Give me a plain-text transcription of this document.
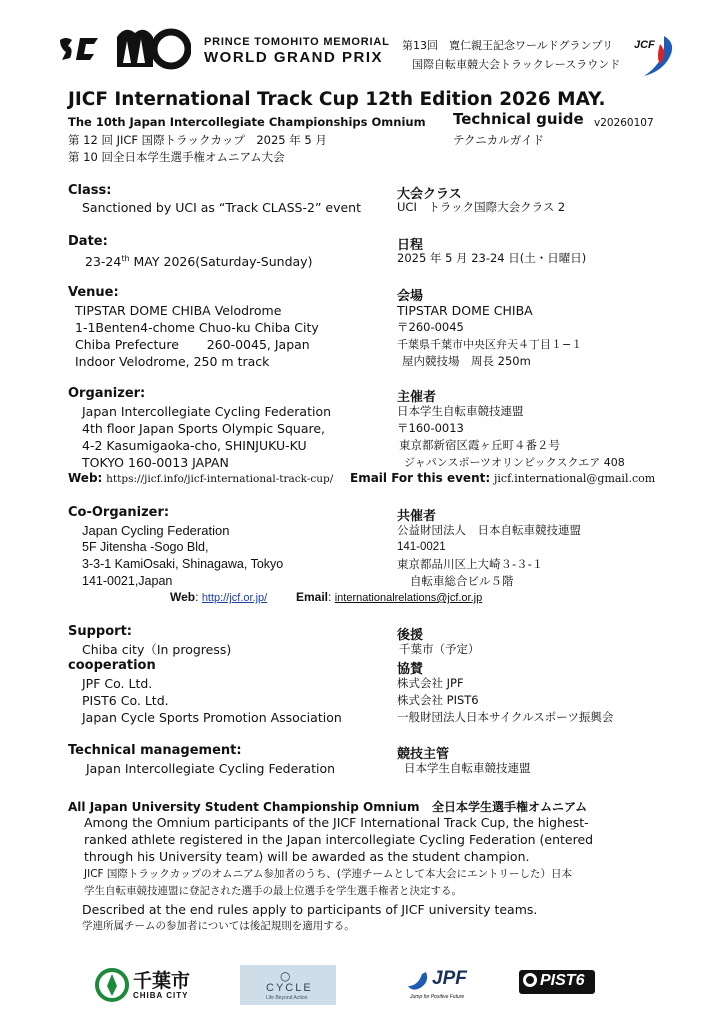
PRINCE TOMOHITO MEMORIAL
WORLD GRAND PRIX
第13回　寛仁親王記念ワールドグランプリ
国際自転車競大会トラックレースラウンド
JCF
JICF International Track Cup 12th Edition 2026 MAY.
The 10th Japan Intercollegiate Championships Omnium Technical guide v20260107
第 12 回 JICF 国際トラックカップ　2025 年 5 月	テクニカルガイド
第 10 回全日本学生選手権オムニアム大会
Class:
Sanctioned by UCI as “Track CLASS-2” event
大会クラス
UCI　トラック国際大会クラス 2
Date:
23-24th MAY 2026(Saturday-Sunday)
日程
2025 年 5 月 23-24 日(土・日曜日)
Venue:
TIPSTAR DOME CHIBA Velodrome
1-1Benten4-chome Chuo-ku Chiba City
Chiba Prefecture       260-0045, Japan
Indoor Velodrome, 250 m track
会場
TIPSTAR DOME CHIBA
〒260-0045
千葉県千葉市中央区弁天４丁目１−１
屋内競技場　周長 250m
Organizer:
Japan Intercollegiate Cycling Federation
4th floor Japan Sports Olympic Square,
4-2 Kasumigaoka-cho, SHINJUKU-KU
TOKYO 160-0013 JAPAN
主催者
日本学生自転車競技連盟
〒160-0013
東京都新宿区霞ヶ丘町４番２号
ジャパンスポーツオリンピックスクエア 408
Web: https://jicf.info/jicf-international-track-cup/ Email For this event: jicf.international@gmail.com
Co-Organizer:
Japan Cycling Federation
5F Jitensha -Sogo Bld,
3-3-1 KamiOsaki, Shinagawa, Tokyo
141-0021,Japan
共催者
公益財団法人　日本自転車競技連盟
141-0021
東京都品川区上大崎３-３-１
自転車総合ビル５階
Web: http://jcf.or.jp/ Email: internationalrelations@jcf.or.jp
Support:
Chiba city（In progress)
後援
千葉市（予定）
cooperation
JPF Co. Ltd.
PIST6 Co. Ltd.
Japan Cycle Sports Promotion Association
協賛
株式会社 JPF
株式会社 PIST6
一般財団法人日本サイクルスポーツ振興会
Technical management:
Japan Intercollegiate Cycling Federation
競技主管
日本学生自転車競技連盟
All Japan University Student Championship Omnium 全日本学生選手権オムニアム
Among the Omnium participants of the JICF International Track Cup, the highest-
ranked athlete registered in the Japan intercollegiate Cycling Federation (entered
through his University team) will be awarded as the student champion.
JICF 国際トラックカップのオムニアム参加者のうち、(学連チームとして本大会にエントリーした）日本
学生自転車競技連盟に登記された選手の最上位選手を学生選手権者と決定する。
Described at the end rules apply to participants of JICF university teams.
学連所属チームの参加者については後記規則を適用する。
千葉市
CHIBA CITY
○
CYCLE
Life Beyond Action
JPF
Jump for Positive Future
PIST6
